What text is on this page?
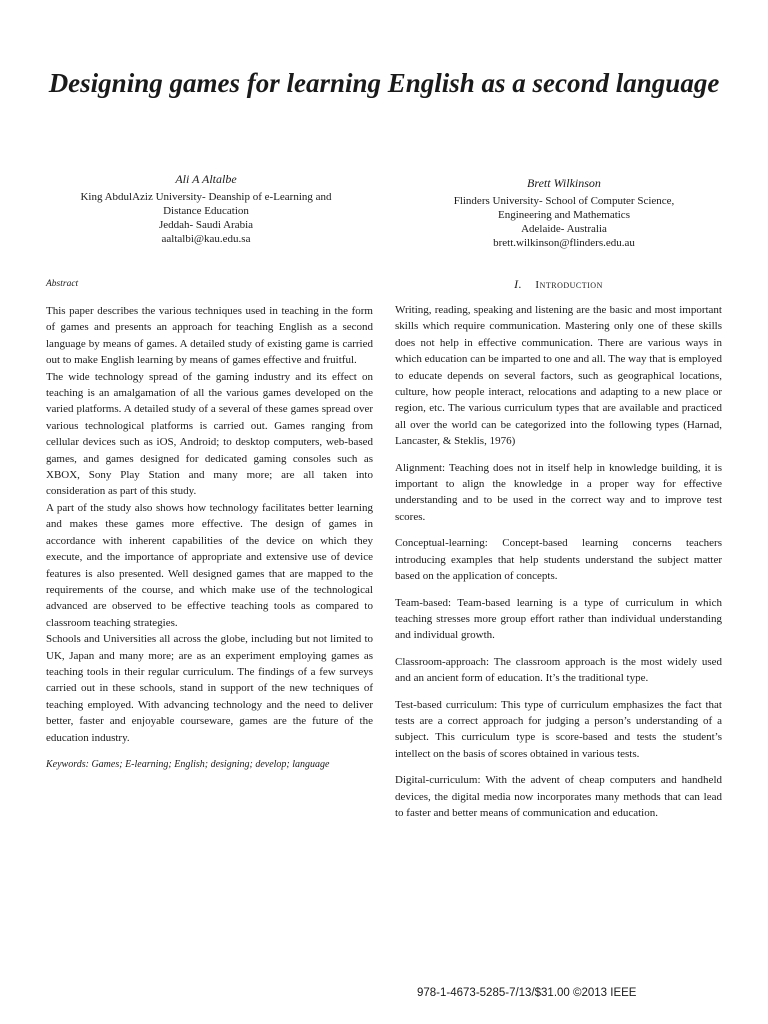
Designing games for learning English as a second language
Ali A Altalbe
King AbdulAziz University- Deanship of e-Learning and
Distance Education
Jeddah- Saudi Arabia
aaltalbi@kau.edu.sa
Brett Wilkinson
Flinders University- School of Computer Science,
Engineering and Mathematics
Adelaide- Australia
brett.wilkinson@flinders.edu.au

Abstract

This paper describes the various techniques used in teaching in the form of games and presents an approach for teaching English as a second language by means of games. A detailed study of existing game is carried out to make English learning by means of games effective and fruitful.

The wide technology spread of the gaming industry and its effect on teaching is an amalgamation of all the various games developed on the varied platforms. A detailed study of a several of these games spread over various technological platforms is carried out. Games ranging from cellular devices such as iOS, Android; to desktop computers, web-based games, and games designed for dedicated gaming consoles such as XBOX, Sony Play Station and many more; are all taken into consideration as part of this study.

A part of the study also shows how technology facilitates better learning and makes these games more effective. The design of games in accordance with inherent capabilities of the device on which they execute, and the importance of appropriate and extensive use of device features is also presented. Well designed games that are mapped to the requirements of the course, and which make use of the technological advanced are observed to be effective teaching tools as compared to classroom teaching strategies.

Schools and Universities all across the globe, including but not limited to UK, Japan and many more; are as an experiment employing games as teaching tools in their regular curriculum. The findings of a few surveys carried out in these schools, stand in support of the new techniques of teaching employed. With advancing technology and the need to deliver better, faster and enjoyable courseware, games are the future of the education industry.

Keywords: Games; E-learning; English; designing; develop; language

I. Introduction

Writing, reading, speaking and listening are the basic and most important skills which require communication. Mastering only one of these skills does not help in effective communication. There are various ways in which education can be imparted to one and all. The way that is employed to educate depends on several factors, such as geographical locations, culture, how people interact, relocations and adapting to a new place or region, etc. The various curriculum types that are available and practiced all over the world can be categorized into the following types (Harnad, Lancaster, & Steklis, 1976)

Alignment: Teaching does not in itself help in knowledge building, it is important to align the knowledge in a proper way for effective understanding and to be used in the correct way and to improve test scores.

Conceptual-learning: Concept-based learning concerns teachers introducing examples that help students understand the subject matter based on the application of concepts.

Team-based: Team-based learning is a type of curriculum in which teaching stresses more group effort rather than individual understanding and individual growth.

Classroom-approach: The classroom approach is the most widely used and an ancient form of education. It’s the traditional type.

Test-based curriculum: This type of curriculum emphasizes the fact that tests are a correct approach for judging a person’s understanding of a subject. This curriculum type is score-based and tests the student’s intellect on the basis of scores obtained in various tests.

Digital-curriculum: With the advent of cheap computers and handheld devices, the digital media now incorporates many methods that can lead to faster and better means of communication and education.

978-1-4673-5285-7/13/$31.00 ©2013 IEEE
